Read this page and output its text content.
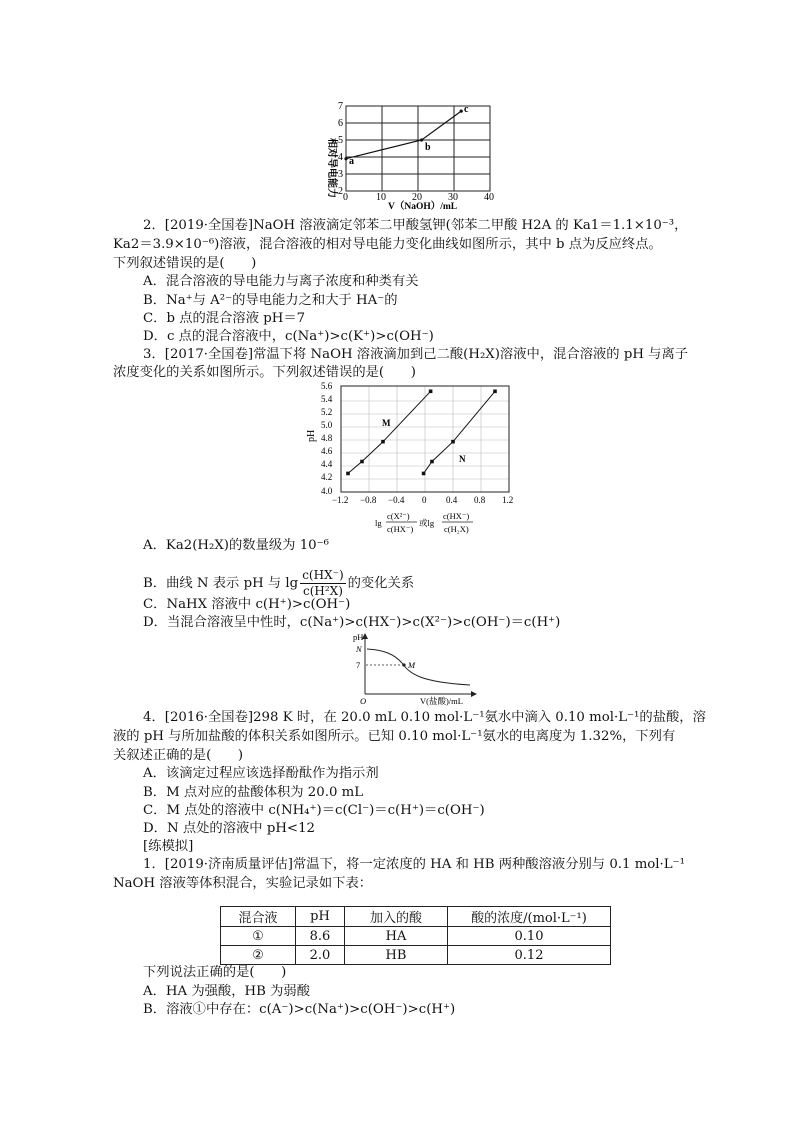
相对导电能力
7
6
5
4
3
2
0	10	20	30	40
V（NaOH）/mL
a
b
c
2．[2019·全国卷]NaOH 溶液滴定邻苯二甲酸氢钾(邻苯二甲酸 H2A 的 Ka1＝1.1×10⁻³，
Ka2＝3.9×10⁻⁶)溶液，混合溶液的相对导电能力变化曲线如图所示，其中 b 点为反应终点。
下列叙述错误的是(　　)
A．混合溶液的导电能力与离子浓度和种类有关
B．Na⁺与 A²⁻的导电能力之和大于 HA⁻的
C．b 点的混合溶液 pH＝7
D．c 点的混合溶液中，c(Na⁺)>c(K⁺)>c(OH⁻)
3．[2017·全国卷]常温下将 NaOH 溶液滴加到己二酸(H₂X)溶液中，混合溶液的 pH 与离子
浓度变化的关系如图所示。下列叙述错误的是(　　)
pH
5.6
5.4
5.2
5.0
4.8
4.6
4.4
4.2
4.0
−1.2 −0.8 −0.4 0 0.4 0.8 1.2
M
N
lg
c(X²⁻)
c(HX⁻)
或lg
c(HX⁻)
c(H₂X)
A．Ka2(H₂X)的数量级为 10⁻⁶
B．曲线 N 表示 pH 与 $\lg \frac{c(HX^-)}{\text{c(H²X)}}$ 的变化关系
C．NaHX 溶液中 c(H⁺)>c(OH⁻)
D．当混合溶液呈中性时，c(Na⁺)>c(HX⁻)>c(X²⁻)>c(OH⁻)＝c(H⁺)
pH
N
7	M
O	V(盐酸)/mL
4．[2016·全国卷]298 K 时，在 20.0 mL 0.10 mol·L⁻¹氨水中滴入 0.10 mol·L⁻¹的盐酸，溶
液的 pH 与所加盐酸的体积关系如图所示。已知 0.10 mol·L⁻¹氨水的电离度为 1.32%，下列有
关叙述正确的是(　　)
A．该滴定过程应该选择酚酞作为指示剂
B．M 点对应的盐酸体积为 20.0 mL
C．M 点处的溶液中 c(NH₄⁺)＝c(Cl⁻)＝c(H⁺)＝c(OH⁻)
D．N 点处的溶液中 pH<12
[练模拟]
1．[2019·济南质量评估]常温下，将一定浓度的 HA 和 HB 两种酸溶液分别与 0.1 mol·L⁻¹
NaOH 溶液等体积混合，实验记录如下表：
混合液	pH	加入的酸	酸的浓度/(mol·L⁻¹)
①	8.6	HA	0.10
②	2.0	HB	0.12
下列说法正确的是(　　)
A．HA 为强酸，HB 为弱酸
B．溶液①中存在：c(A⁻)>c(Na⁺)>c(OH⁻)>c(H⁺)
